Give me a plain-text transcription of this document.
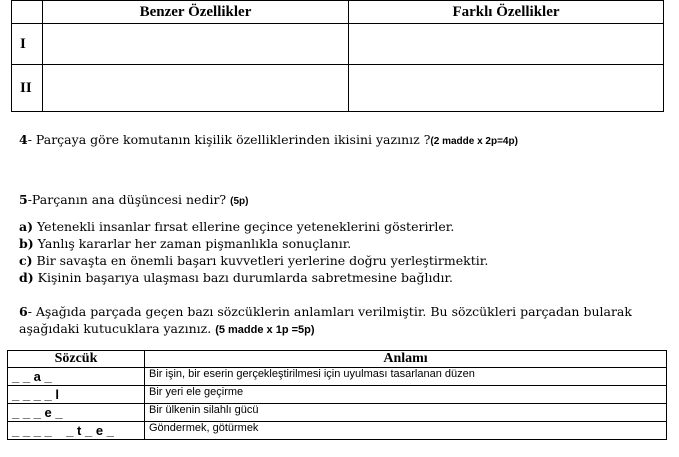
	Benzer Özellikler	Farklı Özellikler
I		
II		
4- Parçaya göre komutanın kişilik özelliklerinden ikisini yazınız ?(2 madde x 2p=4p)
5-Parçanın ana düşüncesi nedir? (5p)
a) Yetenekli insanlar fırsat ellerine geçince yeteneklerini gösterirler.
b) Yanlış kararlar her zaman pişmanlıkla sonuçlanır.
c) Bir savaşta en önemli başarı kuvvetleri yerlerine doğru yerleştirmektir.
d) Kişinin başarıya ulaşması bazı durumlarda sabretmesine bağlıdır.
6- Aşağıda parçada geçen bazı sözcüklerin anlamları verilmiştir. Bu sözcükleri parçadan bularak
aşağıdaki kutucuklara yazınız. (5 madde x 1p =5p)
Sözcük	Anlamı
_ _ a _	Bir işin, bir eserin gerçekleştirilmesi için uyulması tasarlanan düzen
_ _ _ _ l	Bir yeri ele geçirme
_ _ _ e _	Bir ülkenin silahlı gücü
_ _ _ _    _ t _ e _	Göndermek, götürmek
